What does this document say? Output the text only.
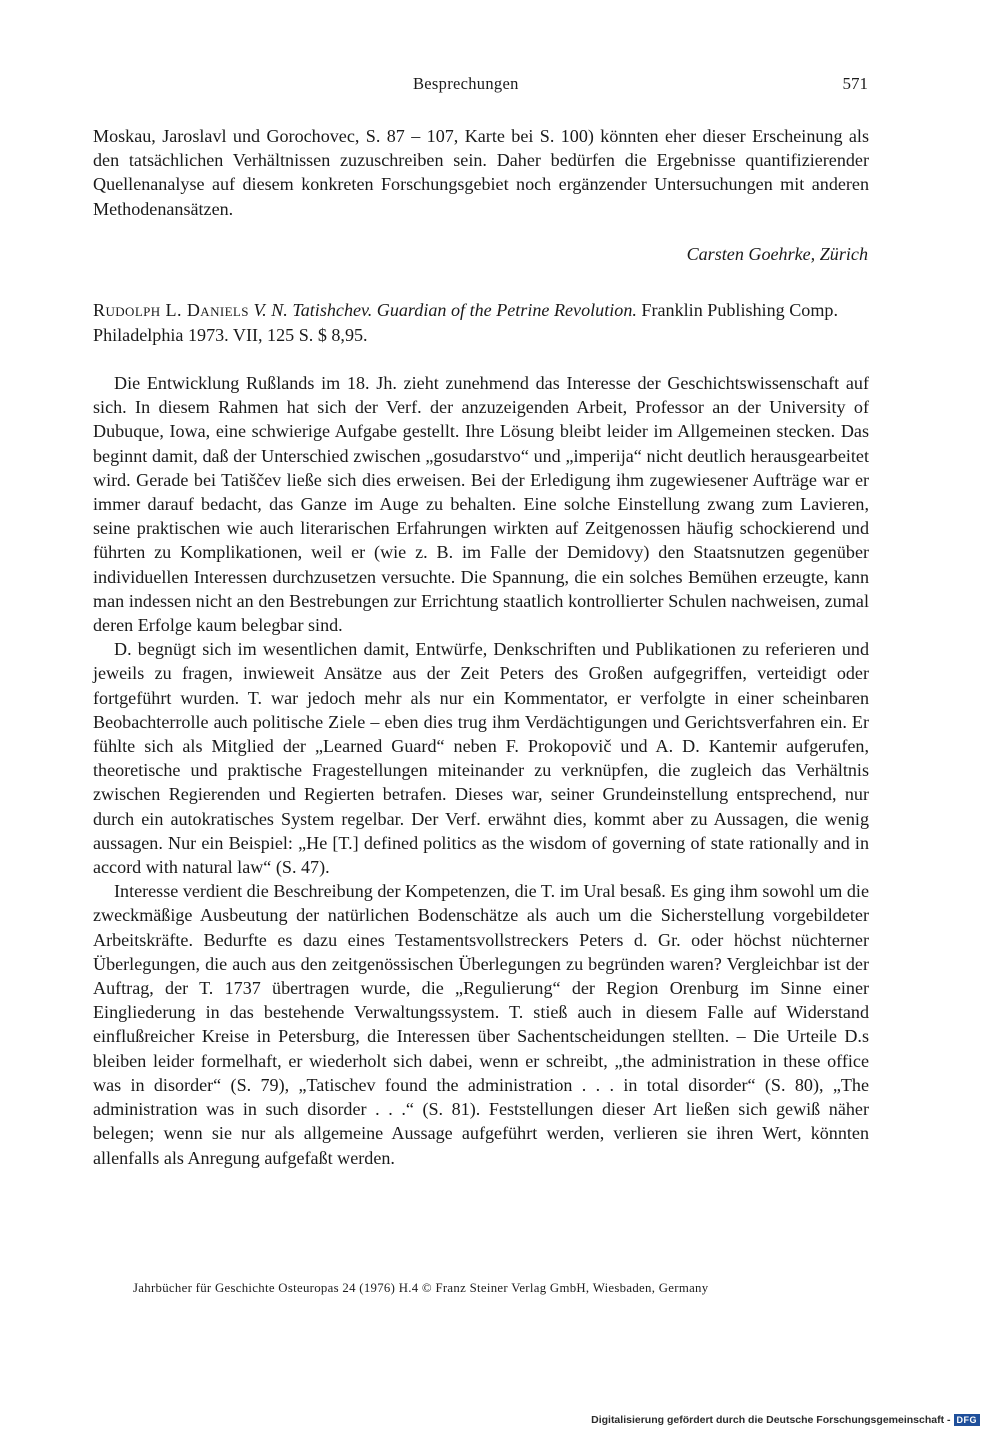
Besprechungen	571
Moskau, Jaroslavl und Gorochovec, S. 87 – 107, Karte bei S. 100) könnten eher dieser Erscheinung als den tatsächlichen Verhältnissen zuzuschreiben sein. Daher bedürfen die Ergebnisse quantifizierender Quellenanalyse auf diesem konkreten Forschungsgebiet noch ergänzender Untersuchungen mit anderen Methodenansätzen.
Carsten Goehrke, Zürich
Rudolph L. Daniels V. N. Tatishchev. Guardian of the Petrine Revolution. Franklin Publishing Comp. Philadelphia 1973. VII, 125 S. $ 8,95.

Die Entwicklung Rußlands im 18. Jh. zieht zunehmend das Interesse der Geschichtswissenschaft auf sich. In diesem Rahmen hat sich der Verf. der anzuzeigenden Arbeit, Professor an der University of Dubuque, Iowa, eine schwierige Aufgabe gestellt. Ihre Lösung bleibt leider im Allgemeinen stecken. Das beginnt damit, daß der Unterschied zwischen „gosudarstvo“ und „imperija“ nicht deutlich herausgearbeitet wird. Gerade bei Tatiščev ließe sich dies erweisen. Bei der Erledigung ihm zugewiesener Aufträge war er immer darauf bedacht, das Ganze im Auge zu behalten. Eine solche Einstellung zwang zum Lavieren, seine praktischen wie auch literarischen Erfahrungen wirkten auf Zeitgenossen häufig schockierend und führten zu Komplikationen, weil er (wie z. B. im Falle der Demidovy) den Staatsnutzen gegenüber individuellen Interessen durchzusetzen versuchte. Die Spannung, die ein solches Bemühen erzeugte, kann man indessen nicht an den Bestrebungen zur Errichtung staatlich kontrollierter Schulen nachweisen, zumal deren Erfolge kaum belegbar sind.

D. begnügt sich im wesentlichen damit, Entwürfe, Denkschriften und Publikationen zu referieren und jeweils zu fragen, inwieweit Ansätze aus der Zeit Peters des Großen aufgegriffen, verteidigt oder fortgeführt wurden. T. war jedoch mehr als nur ein Kommentator, er verfolgte in einer scheinbaren Beobachterrolle auch politische Ziele – eben dies trug ihm Verdächtigungen und Gerichtsverfahren ein. Er fühlte sich als Mitglied der „Learned Guard“ neben F. Prokopovič und A. D. Kantemir aufgerufen, theoretische und praktische Fragestellungen miteinander zu verknüpfen, die zugleich das Verhältnis zwischen Regierenden und Regierten betrafen. Dieses war, seiner Grundeinstellung entsprechend, nur durch ein autokratisches System regelbar. Der Verf. erwähnt dies, kommt aber zu Aussagen, die wenig aussagen. Nur ein Beispiel: „He [T.] defined politics as the wisdom of governing of state rationally and in accord with natural law“ (S. 47).

Interesse verdient die Beschreibung der Kompetenzen, die T. im Ural besaß. Es ging ihm sowohl um die zweckmäßige Ausbeutung der natürlichen Bodenschätze als auch um die Sicherstellung vorgebildeter Arbeitskräfte. Bedurfte es dazu eines Testamentsvollstreckers Peters d. Gr. oder höchst nüchterner Überlegungen, die auch aus den zeitgenössischen Überlegungen zu begründen waren? Vergleichbar ist der Auftrag, der T. 1737 übertragen wurde, die „Regulierung“ der Region Orenburg im Sinne einer Eingliederung in das bestehende Verwaltungssystem. T. stieß auch in diesem Falle auf Widerstand einflußreicher Kreise in Petersburg, die Interessen über Sachentscheidungen stellten. – Die Urteile D.s bleiben leider formelhaft, er wiederholt sich dabei, wenn er schreibt, „the administration in these office was in disorder“ (S. 79), „Tatischev found the administration . . . in total disorder“ (S. 80), „The administration was in such disorder . . .“ (S. 81). Feststellungen dieser Art ließen sich gewiß näher belegen; wenn sie nur als allgemeine Aussage aufgeführt werden, verlieren sie ihren Wert, könnten allenfalls als Anregung aufgefaßt werden.

Jahrbücher für Geschichte Osteuropas 24 (1976) H.4 © Franz Steiner Verlag GmbH, Wiesbaden, Germany
Digitalisierung gefördert durch die Deutsche Forschungsgemeinschaft - DFG
